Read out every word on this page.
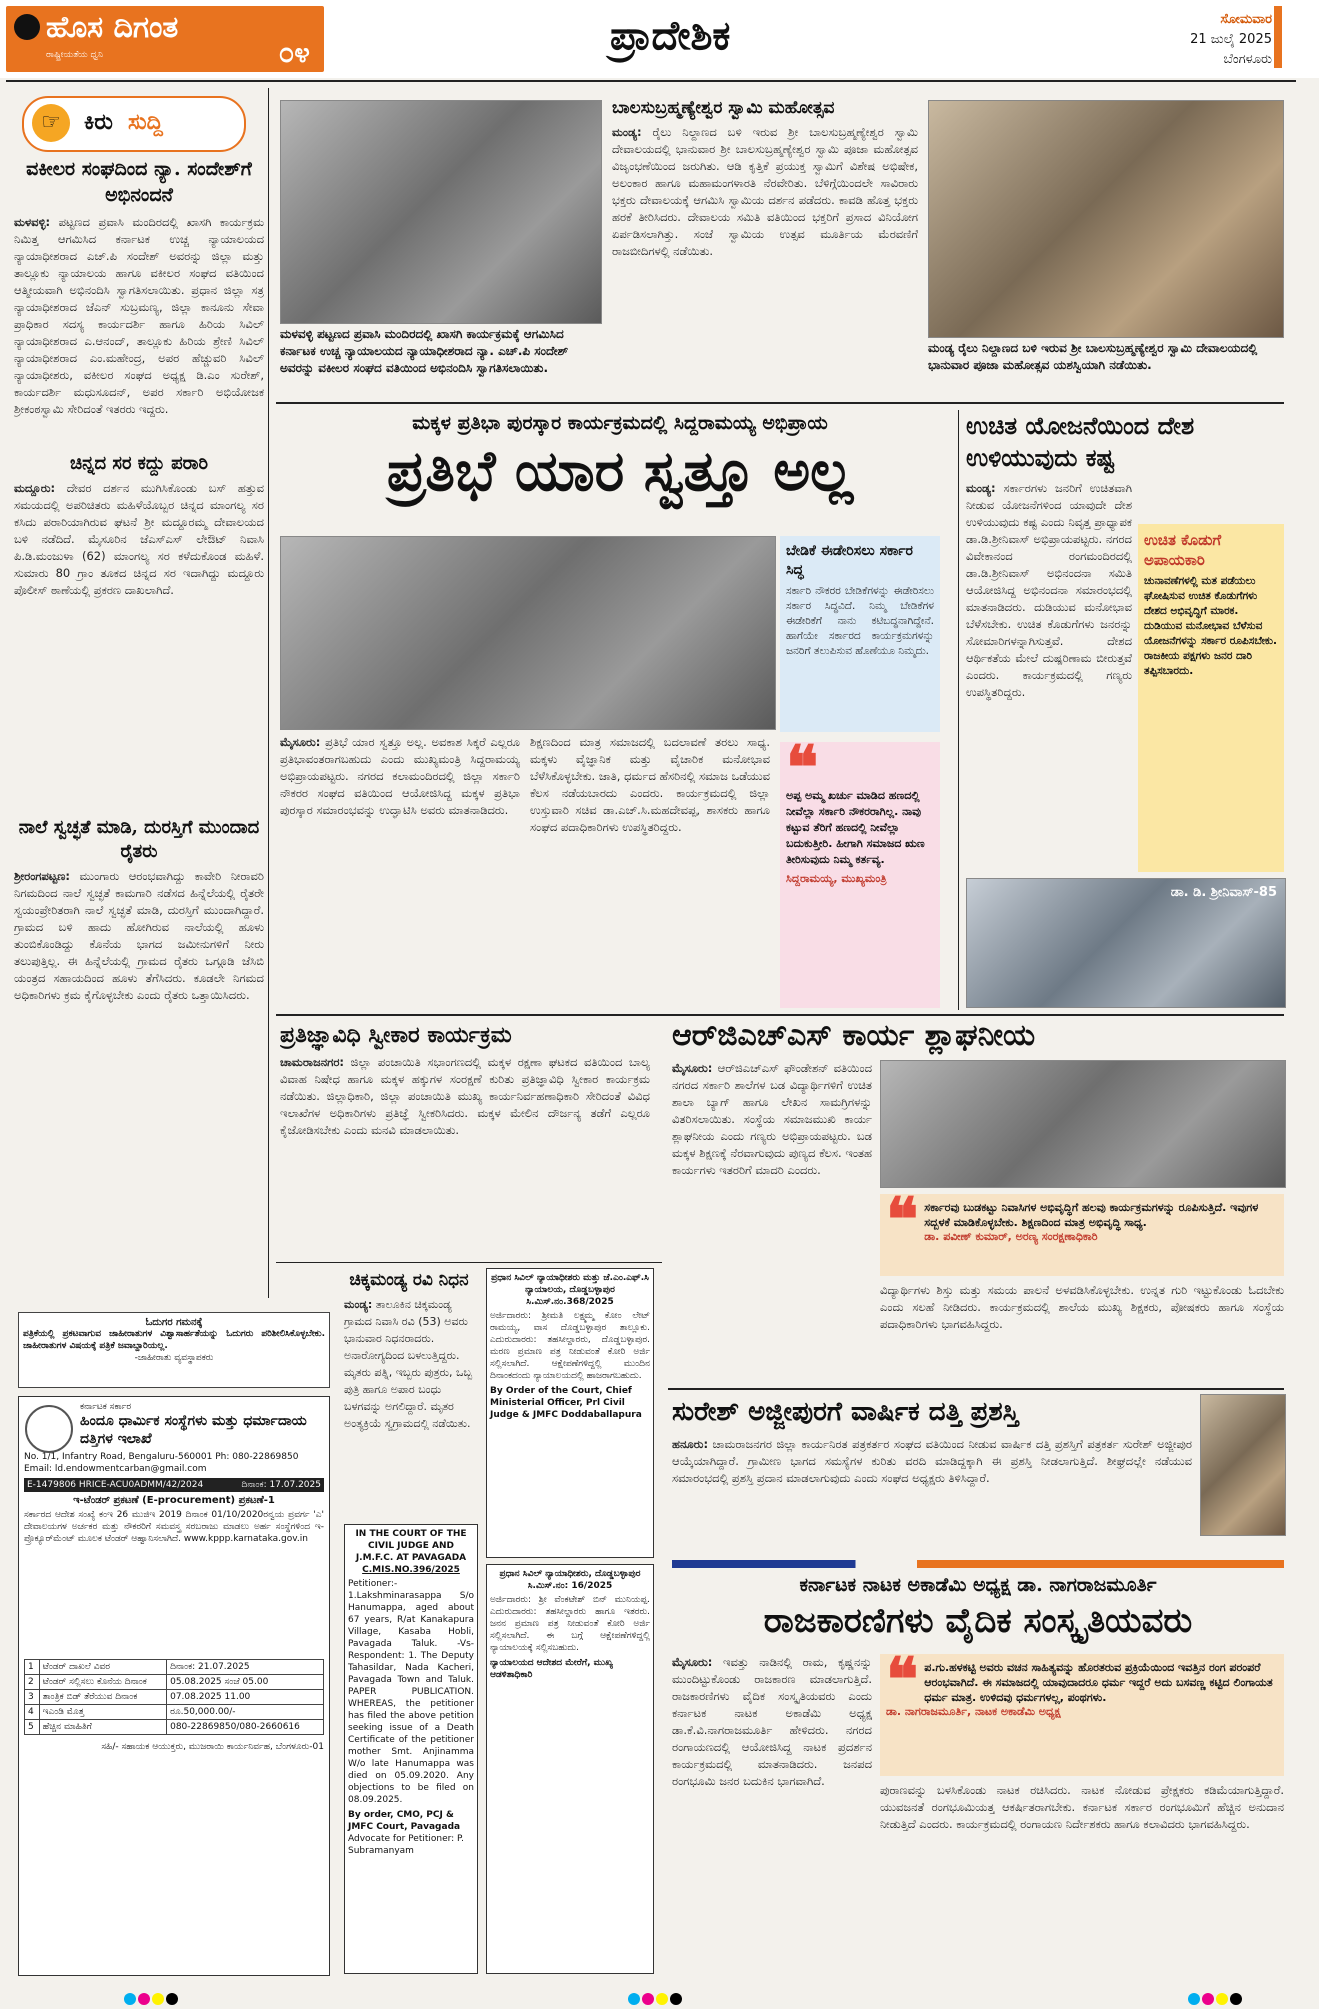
ಹೊಸ ದಿಗಂತ
ರಾಷ್ಟ್ರೀಯತೆಯ ಧ್ವನಿ	೦೪	ಪ್ರಾದೇಶಿಕ	ಸೋಮವಾರ
21 ಜುಲೈ 2025
ಬೆಂಗಳೂರು
☞	ಕಿರು ಸುದ್ದಿ
ವಕೀಲರ ಸಂಘದಿಂದ ನ್ಯಾ. ಸಂದೇಶ್‌ಗೆ ಅಭಿನಂದನೆ
ಮಳವಳ್ಳಿ: ಪಟ್ಟಣದ ಪ್ರವಾಸಿ ಮಂದಿರದಲ್ಲಿ ಖಾಸಗಿ ಕಾರ್ಯಕ್ರಮ ನಿಮಿತ್ತ ಆಗಮಿಸಿದ ಕರ್ನಾಟಕ ಉಚ್ಚ ನ್ಯಾಯಾಲಯದ ನ್ಯಾಯಾಧೀಶರಾದ ಎಚ್.ಪಿ ಸಂದೇಶ್ ಅವರನ್ನು ಜಿಲ್ಲಾ ಮತ್ತು ತಾಲ್ಲೂಕು ನ್ಯಾಯಾಲಯ ಹಾಗೂ ವಕೀಲರ ಸಂಘದ ವತಿಯಿಂದ ಆತ್ಮೀಯವಾಗಿ ಅಭಿನಂದಿಸಿ ಸ್ವಾಗತಿಸಲಾಯಿತು. ಪ್ರಧಾನ ಜಿಲ್ಲಾ ಸತ್ರ ನ್ಯಾಯಾಧೀಶರಾದ ಜೆಎನ್ ಸುಬ್ರಮಣ್ಯ, ಜಿಲ್ಲಾ ಕಾನೂನು ಸೇವಾ ಪ್ರಾಧಿಕಾರ ಸದಸ್ಯ ಕಾರ್ಯದರ್ಶಿ ಹಾಗೂ ಹಿರಿಯ ಸಿವಿಲ್ ನ್ಯಾಯಾಧೀಶರಾದ ಎ.ಆನಂದ್, ತಾಲ್ಲೂಕು ಹಿರಿಯ ಶ್ರೇಣಿ ಸಿವಿಲ್ ನ್ಯಾಯಾಧೀಶರಾದ ಎಂ.ಮಹೇಂದ್ರ, ಅಪರ ಹೆಚ್ಚುವರಿ ಸಿವಿಲ್ ನ್ಯಾಯಾಧೀಶರು, ವಕೀಲರ ಸಂಘದ ಅಧ್ಯಕ್ಷ ಡಿ.ಎಂ ಸುರೇಶ್, ಕಾರ್ಯದರ್ಶಿ ಮಧುಸೂದನ್, ಅಪರ ಸರ್ಕಾರಿ ಅಭಿಯೋಜಕ ಶ್ರೀಕಂಠಸ್ವಾಮಿ ಸೇರಿದಂತೆ ಇತರರು ಇದ್ದರು.
ಚಿನ್ನದ ಸರ ಕದ್ದು ಪರಾರಿ
ಮದ್ದೂರು: ದೇವರ ದರ್ಶನ ಮುಗಿಸಿಕೊಂಡು ಬಸ್ ಹತ್ತುವ ಸಮಯದಲ್ಲಿ ಅಪರಿಚಿತರು ಮಹಿಳೆಯೊಬ್ಬರ ಚಿನ್ನದ ಮಾಂಗಲ್ಯ ಸರ ಕಸಿದು ಪರಾರಿಯಾಗಿರುವ ಘಟನೆ ಶ್ರೀ ಮದ್ದೂರಮ್ಮ ದೇವಾಲಯದ ಬಳಿ ನಡೆದಿದೆ. ಮೈಸೂರಿನ ಜೆಎಸ್‌ಎಸ್ ಲೇಔಟ್ ನಿವಾಸಿ ಪಿ.ಡಿ.ಮಂಜುಳಾ (62) ಮಾಂಗಲ್ಯ ಸರ ಕಳೆದುಕೊಂಡ ಮಹಿಳೆ. ಸುಮಾರು 80 ಗ್ರಾಂ ತೂಕದ ಚಿನ್ನದ ಸರ ಇದಾಗಿದ್ದು ಮದ್ದೂರು ಪೊಲೀಸ್ ಠಾಣೆಯಲ್ಲಿ ಪ್ರಕರಣ ದಾಖಲಾಗಿದೆ.
ನಾಲೆ ಸ್ವಚ್ಛತೆ ಮಾಡಿ, ದುರಸ್ತಿಗೆ ಮುಂದಾದ ರೈತರು
ಶ್ರೀರಂಗಪಟ್ಟಣ: ಮುಂಗಾರು ಆರಂಭವಾಗಿದ್ದು ಕಾವೇರಿ ನೀರಾವರಿ ನಿಗಮದಿಂದ ನಾಲೆ ಸ್ವಚ್ಛತೆ ಕಾಮಗಾರಿ ನಡೆಸದ ಹಿನ್ನೆಲೆಯಲ್ಲಿ ರೈತರೇ ಸ್ವಯಂಪ್ರೇರಿತರಾಗಿ ನಾಲೆ ಸ್ವಚ್ಛತೆ ಮಾಡಿ, ದುರಸ್ತಿಗೆ ಮುಂದಾಗಿದ್ದಾರೆ. ಗ್ರಾಮದ ಬಳಿ ಹಾದು ಹೋಗಿರುವ ನಾಲೆಯಲ್ಲಿ ಹೂಳು ತುಂಬಿಕೊಂಡಿದ್ದು ಕೊನೆಯ ಭಾಗದ ಜಮೀನುಗಳಿಗೆ ನೀರು ತಲುಪುತ್ತಿಲ್ಲ. ಈ ಹಿನ್ನೆಲೆಯಲ್ಲಿ ಗ್ರಾಮದ ರೈತರು ಒಗ್ಗೂಡಿ ಜೆಸಿಬಿ ಯಂತ್ರದ ಸಹಾಯದಿಂದ ಹೂಳು ತೆಗೆಸಿದರು. ಕೂಡಲೇ ನಿಗಮದ ಅಧಿಕಾರಿಗಳು ಕ್ರಮ ಕೈಗೊಳ್ಳಬೇಕು ಎಂದು ರೈತರು ಒತ್ತಾಯಿಸಿದರು.
ಓದುಗರ ಗಮನಕ್ಕೆ
ಪತ್ರಿಕೆಯಲ್ಲಿ ಪ್ರಕಟವಾಗುವ ಜಾಹೀರಾತುಗಳ ವಿಶ್ವಾಸಾರ್ಹತೆಯನ್ನು ಓದುಗರು ಪರಿಶೀಲಿಸಿಕೊಳ್ಳಬೇಕು. ಜಾಹೀರಾತುಗಳ ವಿಷಯಕ್ಕೆ ಪತ್ರಿಕೆ ಜವಾಬ್ದಾರಿಯಲ್ಲ.
-ಜಾಹೀರಾತು ವ್ಯವಸ್ಥಾಪಕರು
ಕರ್ನಾಟಕ ಸರ್ಕಾರ
ಹಿಂದೂ ಧಾರ್ಮಿಕ ಸಂಸ್ಥೆಗಳು ಮತ್ತು ಧರ್ಮಾದಾಯ ದತ್ತಿಗಳ ಇಲಾಖೆ
No. 1/1, Infantry Road, Bengaluru-560001 Ph: 080-22869850 Email: ld.endowmentcarban@gmail.com
E-1479806 HRICE-ACU0ADMM/42/2024	ದಿನಾಂಕ: 17.07.2025
ಇ-ಟೆಂಡರ್ ಪ್ರಕಟಣೆ (E-procurement) ಪ್ರಕಟಣೆ-1
ಸರ್ಕಾರದ ಆದೇಶ ಸಂಖ್ಯೆ ಕಂಇ 26 ಮುಜಿಇ 2019 ದಿನಾಂಕ 01/10/2020ರನ್ವಯ ಪ್ರವರ್ಗ 'ಎ' ದೇವಾಲಯಗಳ ಅರ್ಚಕರ ಮತ್ತು ನೌಕರರಿಗೆ ಸಮವಸ್ತ್ರ ಸರಬರಾಜು ಮಾಡಲು ಅರ್ಹ ಸಂಸ್ಥೆಗಳಿಂದ ಇ-ಪ್ರೊಕ್ಯೂರ್‌ಮೆಂಟ್ ಮೂಲಕ ಟೆಂಡರ್ ಆಹ್ವಾನಿಸಲಾಗಿದೆ. www.kppp.karnataka.gov.in
1	ಟೆಂಡರ್ ದಾಖಲೆ ವಿವರ	ದಿನಾಂಕ: 21.07.2025
2	ಟೆಂಡರ್ ಸಲ್ಲಿಸಲು ಕೊನೆಯ ದಿನಾಂಕ	05.08.2025 ಸಂಜೆ 05.00
3	ತಾಂತ್ರಿಕ ಬಿಡ್ ತೆರೆಯುವ ದಿನಾಂಕ	07.08.2025 11.00
4	ಇಎಂಡಿ ಮೊತ್ತ	ರೂ.50,000.00/-
5	ಹೆಚ್ಚಿನ ಮಾಹಿತಿಗೆ	080-22869850/080-2660616
ಸಹಿ/- ಸಹಾಯಕ ಆಯುಕ್ತರು, ಮುಜರಾಯಿ ಕಾರ್ಯನಿರ್ವಹ, ಬೆಂಗಳೂರು-01
ಮಳವಳ್ಳಿ ಪಟ್ಟಣದ ಪ್ರವಾಸಿ ಮಂದಿರದಲ್ಲಿ ಖಾಸಗಿ ಕಾರ್ಯಕ್ರಮಕ್ಕೆ ಆಗಮಿಸಿದ ಕರ್ನಾಟಕ ಉಚ್ಚ ನ್ಯಾಯಾಲಯದ ನ್ಯಾಯಾಧೀಶರಾದ ನ್ಯಾ. ಎಚ್.ಪಿ ಸಂದೇಶ್ ಅವರನ್ನು ವಕೀಲರ ಸಂಘದ ವತಿಯಿಂದ ಅಭಿನಂದಿಸಿ ಸ್ವಾಗತಿಸಲಾಯಿತು.
ಬಾಲಸುಬ್ರಹ್ಮಣ್ಯೇಶ್ವರ ಸ್ವಾಮಿ ಮಹೋತ್ಸವ
ಮಂಡ್ಯ: ರೈಲು ನಿಲ್ದಾಣದ ಬಳಿ ಇರುವ ಶ್ರೀ ಬಾಲಸುಬ್ರಹ್ಮಣ್ಯೇಶ್ವರ ಸ್ವಾಮಿ ದೇವಾಲಯದಲ್ಲಿ ಭಾನುವಾರ ಶ್ರೀ ಬಾಲಸುಬ್ರಹ್ಮಣ್ಯೇಶ್ವರ ಸ್ವಾಮಿ ಪೂಜಾ ಮಹೋತ್ಸವ ವಿಜೃಂಭಣೆಯಿಂದ ಜರುಗಿತು. ಆಡಿ ಕೃತ್ತಿಕೆ ಪ್ರಯುಕ್ತ ಸ್ವಾಮಿಗೆ ವಿಶೇಷ ಅಭಿಷೇಕ, ಅಲಂಕಾರ ಹಾಗೂ ಮಹಾಮಂಗಳಾರತಿ ನೆರವೇರಿತು. ಬೆಳಿಗ್ಗೆಯಿಂದಲೇ ಸಾವಿರಾರು ಭಕ್ತರು ದೇವಾಲಯಕ್ಕೆ ಆಗಮಿಸಿ ಸ್ವಾಮಿಯ ದರ್ಶನ ಪಡೆದರು. ಕಾವಡಿ ಹೊತ್ತ ಭಕ್ತರು ಹರಕೆ ತೀರಿಸಿದರು. ದೇವಾಲಯ ಸಮಿತಿ ವತಿಯಿಂದ ಭಕ್ತರಿಗೆ ಪ್ರಸಾದ ವಿನಿಯೋಗ ಏರ್ಪಡಿಸಲಾಗಿತ್ತು. ಸಂಜೆ ಸ್ವಾಮಿಯ ಉತ್ಸವ ಮೂರ್ತಿಯ ಮೆರವಣಿಗೆ ರಾಜಬೀದಿಗಳಲ್ಲಿ ನಡೆಯಿತು.
ಮಂಡ್ಯ ರೈಲು ನಿಲ್ದಾಣದ ಬಳಿ ಇರುವ ಶ್ರೀ ಬಾಲಸುಬ್ರಹ್ಮಣ್ಯೇಶ್ವರ ಸ್ವಾಮಿ ದೇವಾಲಯದಲ್ಲಿ ಭಾನುವಾರ ಪೂಜಾ ಮಹೋತ್ಸವ ಯಶಸ್ವಿಯಾಗಿ ನಡೆಯಿತು.
ಮಕ್ಕಳ ಪ್ರತಿಭಾ ಪುರಸ್ಕಾರ ಕಾರ್ಯಕ್ರಮದಲ್ಲಿ ಸಿದ್ದರಾಮಯ್ಯ ಅಭಿಪ್ರಾಯ
ಪ್ರತಿಭೆ ಯಾರ ಸ್ವತ್ತೂ ಅಲ್ಲ
ಬೇಡಿಕೆ ಈಡೇರಿಸಲು ಸರ್ಕಾರ ಸಿದ್ಧ
ಸರ್ಕಾರಿ ನೌಕರರ ಬೇಡಿಕೆಗಳನ್ನು ಈಡೇರಿಸಲು ಸರ್ಕಾರ ಸಿದ್ಧವಿದೆ. ನಿಮ್ಮ ಬೇಡಿಕೆಗಳ ಈಡೇರಿಕೆಗೆ ನಾನು ಕಟಿಬದ್ಧನಾಗಿದ್ದೇನೆ. ಹಾಗೆಯೇ ಸರ್ಕಾರದ ಕಾರ್ಯಕ್ರಮಗಳನ್ನು ಜನರಿಗೆ ತಲುಪಿಸುವ ಹೊಣೆಯೂ ನಿಮ್ಮದು.
ಮೈಸೂರು: ಪ್ರತಿಭೆ ಯಾರ ಸ್ವತ್ತೂ ಅಲ್ಲ. ಅವಕಾಶ ಸಿಕ್ಕರೆ ಎಲ್ಲರೂ ಪ್ರತಿಭಾವಂತರಾಗಬಹುದು ಎಂದು ಮುಖ್ಯಮಂತ್ರಿ ಸಿದ್ದರಾಮಯ್ಯ ಅಭಿಪ್ರಾಯಪಟ್ಟರು. ನಗರದ ಕಲಾಮಂದಿರದಲ್ಲಿ ಜಿಲ್ಲಾ ಸರ್ಕಾರಿ ನೌಕರರ ಸಂಘದ ವತಿಯಿಂದ ಆಯೋಜಿಸಿದ್ದ ಮಕ್ಕಳ ಪ್ರತಿಭಾ ಪುರಸ್ಕಾರ ಸಮಾರಂಭವನ್ನು ಉದ್ಘಾಟಿಸಿ ಅವರು ಮಾತನಾಡಿದರು.
ಶಿಕ್ಷಣದಿಂದ ಮಾತ್ರ ಸಮಾಜದಲ್ಲಿ ಬದಲಾವಣೆ ತರಲು ಸಾಧ್ಯ. ಮಕ್ಕಳು ವೈಜ್ಞಾನಿಕ ಮತ್ತು ವೈಚಾರಿಕ ಮನೋಭಾವ ಬೆಳೆಸಿಕೊಳ್ಳಬೇಕು. ಜಾತಿ, ಧರ್ಮದ ಹೆಸರಿನಲ್ಲಿ ಸಮಾಜ ಒಡೆಯುವ ಕೆಲಸ ನಡೆಯಬಾರದು ಎಂದರು. ಕಾರ್ಯಕ್ರಮದಲ್ಲಿ ಜಿಲ್ಲಾ ಉಸ್ತುವಾರಿ ಸಚಿವ ಡಾ.ಎಚ್.ಸಿ.ಮಹದೇವಪ್ಪ, ಶಾಸಕರು ಹಾಗೂ ಸಂಘದ ಪದಾಧಿಕಾರಿಗಳು ಉಪಸ್ಥಿತರಿದ್ದರು.
❝
ಅಪ್ಪ ಅಮ್ಮ ಖರ್ಚು ಮಾಡಿದ ಹಣದಲ್ಲಿ ನೀವೆಲ್ಲಾ ಸರ್ಕಾರಿ ನೌಕರರಾಗಿಲ್ಲ. ನಾವು ಕಟ್ಟುವ ತೆರಿಗೆ ಹಣದಲ್ಲಿ ನೀವೆಲ್ಲಾ ಬದುಕುತ್ತೀರಿ. ಹೀಗಾಗಿ ಸಮಾಜದ ಋಣ ತೀರಿಸುವುದು ನಿಮ್ಮ ಕರ್ತವ್ಯ.
ಸಿದ್ದರಾಮಯ್ಯ, ಮುಖ್ಯಮಂತ್ರಿ
ಉಚಿತ ಯೋಜನೆಯಿಂದ ದೇಶ ಉಳಿಯುವುದು ಕಷ್ಟ
ಮಂಡ್ಯ: ಸರ್ಕಾರಗಳು ಜನರಿಗೆ ಉಚಿತವಾಗಿ ನೀಡುವ ಯೋಜನೆಗಳಿಂದ ಯಾವುದೇ ದೇಶ ಉಳಿಯುವುದು ಕಷ್ಟ ಎಂದು ನಿವೃತ್ತ ಪ್ರಾಧ್ಯಾಪಕ ಡಾ.ಡಿ.ಶ್ರೀನಿವಾಸ್ ಅಭಿಪ್ರಾಯಪಟ್ಟರು. ನಗರದ ವಿವೇಕಾನಂದ ರಂಗಮಂದಿರದಲ್ಲಿ ಡಾ.ಡಿ.ಶ್ರೀನಿವಾಸ್ ಅಭಿನಂದನಾ ಸಮಿತಿ ಆಯೋಜಿಸಿದ್ದ ಅಭಿನಂದನಾ ಸಮಾರಂಭದಲ್ಲಿ ಮಾತನಾಡಿದರು. ದುಡಿಯುವ ಮನೋಭಾವ ಬೆಳೆಸಬೇಕು. ಉಚಿತ ಕೊಡುಗೆಗಳು ಜನರನ್ನು ಸೋಮಾರಿಗಳನ್ನಾಗಿಸುತ್ತವೆ. ದೇಶದ ಆರ್ಥಿಕತೆಯ ಮೇಲೆ ದುಷ್ಪರಿಣಾಮ ಬೀರುತ್ತವೆ ಎಂದರು. ಕಾರ್ಯಕ್ರಮದಲ್ಲಿ ಗಣ್ಯರು ಉಪಸ್ಥಿತರಿದ್ದರು.
ಉಚಿತ ಕೊಡುಗೆ ಅಪಾಯಕಾರಿ
ಚುನಾವಣೆಗಳಲ್ಲಿ ಮತ ಪಡೆಯಲು ಘೋಷಿಸುವ ಉಚಿತ ಕೊಡುಗೆಗಳು ದೇಶದ ಅಭಿವೃದ್ಧಿಗೆ ಮಾರಕ. ದುಡಿಯುವ ಮನೋಭಾವ ಬೆಳೆಸುವ ಯೋಜನೆಗಳನ್ನು ಸರ್ಕಾರ ರೂಪಿಸಬೇಕು. ರಾಜಕೀಯ ಪಕ್ಷಗಳು ಜನರ ದಾರಿ ತಪ್ಪಿಸಬಾರದು.
ಡಾ. ಡಿ. ಶ್ರೀನಿವಾಸ್-85
ಪ್ರತಿಜ್ಞಾವಿಧಿ ಸ್ವೀಕಾರ ಕಾರ್ಯಕ್ರಮ
ಚಾಮರಾಜನಗರ: ಜಿಲ್ಲಾ ಪಂಚಾಯಿತಿ ಸಭಾಂಗಣದಲ್ಲಿ ಮಕ್ಕಳ ರಕ್ಷಣಾ ಘಟಕದ ವತಿಯಿಂದ ಬಾಲ್ಯ ವಿವಾಹ ನಿಷೇಧ ಹಾಗೂ ಮಕ್ಕಳ ಹಕ್ಕುಗಳ ಸಂರಕ್ಷಣೆ ಕುರಿತು ಪ್ರತಿಜ್ಞಾವಿಧಿ ಸ್ವೀಕಾರ ಕಾರ್ಯಕ್ರಮ ನಡೆಯಿತು. ಜಿಲ್ಲಾಧಿಕಾರಿ, ಜಿಲ್ಲಾ ಪಂಚಾಯಿತಿ ಮುಖ್ಯ ಕಾರ್ಯನಿರ್ವಹಣಾಧಿಕಾರಿ ಸೇರಿದಂತೆ ವಿವಿಧ ಇಲಾಖೆಗಳ ಅಧಿಕಾರಿಗಳು ಪ್ರತಿಜ್ಞೆ ಸ್ವೀಕರಿಸಿದರು. ಮಕ್ಕಳ ಮೇಲಿನ ದೌರ್ಜನ್ಯ ತಡೆಗೆ ಎಲ್ಲರೂ ಕೈಜೋಡಿಸಬೇಕು ಎಂದು ಮನವಿ ಮಾಡಲಾಯಿತು.
ಆರ್‌ಜಿಎಚ್‌ಎಸ್ ಕಾರ್ಯ ಶ್ಲಾಘನೀಯ
ಮೈಸೂರು: ಆರ್‌ಜಿಎಚ್‌ಎಸ್ ಫೌಂಡೇಶನ್ ವತಿಯಿಂದ ನಗರದ ಸರ್ಕಾರಿ ಶಾಲೆಗಳ ಬಡ ವಿದ್ಯಾರ್ಥಿಗಳಿಗೆ ಉಚಿತ ಶಾಲಾ ಬ್ಯಾಗ್ ಹಾಗೂ ಲೇಖನ ಸಾಮಗ್ರಿಗಳನ್ನು ವಿತರಿಸಲಾಯಿತು. ಸಂಸ್ಥೆಯ ಸಮಾಜಮುಖಿ ಕಾರ್ಯ ಶ್ಲಾಘನೀಯ ಎಂದು ಗಣ್ಯರು ಅಭಿಪ್ರಾಯಪಟ್ಟರು. ಬಡ ಮಕ್ಕಳ ಶಿಕ್ಷಣಕ್ಕೆ ನೆರವಾಗುವುದು ಪುಣ್ಯದ ಕೆಲಸ. ಇಂತಹ ಕಾರ್ಯಗಳು ಇತರರಿಗೆ ಮಾದರಿ ಎಂದರು.
❝ ಸರ್ಕಾರವು ಬುಡಕಟ್ಟು ನಿವಾಸಿಗಳ ಅಭಿವೃದ್ಧಿಗೆ ಹಲವು ಕಾರ್ಯಕ್ರಮಗಳನ್ನು ರೂಪಿಸುತ್ತಿದೆ. ಇವುಗಳ ಸದ್ಬಳಕೆ ಮಾಡಿಕೊಳ್ಳಬೇಕು. ಶಿಕ್ಷಣದಿಂದ ಮಾತ್ರ ಅಭಿವೃದ್ಧಿ ಸಾಧ್ಯ.
ಡಾ. ಪವೀಣ್ ಕುಮಾರ್, ಅರಣ್ಯ ಸಂರಕ್ಷಣಾಧಿಕಾರಿ
ವಿದ್ಯಾರ್ಥಿಗಳು ಶಿಸ್ತು ಮತ್ತು ಸಮಯ ಪಾಲನೆ ಅಳವಡಿಸಿಕೊಳ್ಳಬೇಕು. ಉನ್ನತ ಗುರಿ ಇಟ್ಟುಕೊಂಡು ಓದಬೇಕು ಎಂದು ಸಲಹೆ ನೀಡಿದರು. ಕಾರ್ಯಕ್ರಮದಲ್ಲಿ ಶಾಲೆಯ ಮುಖ್ಯ ಶಿಕ್ಷಕರು, ಪೋಷಕರು ಹಾಗೂ ಸಂಸ್ಥೆಯ ಪದಾಧಿಕಾರಿಗಳು ಭಾಗವಹಿಸಿದ್ದರು.
ಚಿಕ್ಕಮಂಡ್ಯ ರವಿ ನಿಧನ
ಮಂಡ್ಯ: ತಾಲೂಕಿನ ಚಿಕ್ಕಮಂಡ್ಯ ಗ್ರಾಮದ ನಿವಾಸಿ ರವಿ (53) ಅವರು ಭಾನುವಾರ ನಿಧನರಾದರು. ಅನಾರೋಗ್ಯದಿಂದ ಬಳಲುತ್ತಿದ್ದರು. ಮೃತರು ಪತ್ನಿ, ಇಬ್ಬರು ಪುತ್ರರು, ಒಬ್ಬ ಪುತ್ರಿ ಹಾಗೂ ಅಪಾರ ಬಂಧು ಬಳಗವನ್ನು ಅಗಲಿದ್ದಾರೆ. ಮೃತರ ಅಂತ್ಯಕ್ರಿಯೆ ಸ್ವಗ್ರಾಮದಲ್ಲಿ ನಡೆಯಿತು.
IN THE COURT OF THE CIVIL JUDGE AND J.M.F.C. AT PAVAGADA
C.MIS.NO.396/2025
Petitioner:- 1.Lakshminarasappa S/o Hanumappa, aged about 67 years, R/at Kanakapura Village, Kasaba Hobli, Pavagada Taluk. -Vs- Respondent: 1. The Deputy Tahasildar, Nada Kacheri, Pavagada Town and Taluk. PAPER PUBLICATION. WHEREAS, the petitioner has filed the above petition seeking issue of a Death Certificate of the petitioner mother Smt. Anjinamma W/o late Hanumappa was died on 05.09.2020. Any objections to be filed on 08.09.2025.
By order, CMO, PCJ & JMFC Court, Pavagada
Advocate for Petitioner: P. Subramanyam
ಪ್ರಧಾನ ಸಿವಿಲ್ ನ್ಯಾಯಾಧೀಶರು ಮತ್ತು ಜೆ.ಎಂ.ಎಫ್.ಸಿ ನ್ಯಾಯಾಲಯ, ದೊಡ್ಡಬಳ್ಳಾಪುರ
ಸಿ.ಮಿಸ್.ನಂ.368/2025
ಅರ್ಜಿದಾರರು: ಶ್ರೀಮತಿ ಲಕ್ಷ್ಮಮ್ಮ ಕೋಂ ಲೇಟ್ ರಾಮಯ್ಯ, ವಾಸ ದೊಡ್ಡಬಳ್ಳಾಪುರ ತಾಲ್ಲೂಕು. ಎದುರುದಾರರು: ತಹಸೀಲ್ದಾರರು, ದೊಡ್ಡಬಳ್ಳಾಪುರ. ಮರಣ ಪ್ರಮಾಣ ಪತ್ರ ನೀಡುವಂತೆ ಕೋರಿ ಅರ್ಜಿ ಸಲ್ಲಿಸಲಾಗಿದೆ. ಆಕ್ಷೇಪಣೆಗಳಿದ್ದಲ್ಲಿ ಮುಂದಿನ ದಿನಾಂಕದಂದು ನ್ಯಾಯಾಲಯದಲ್ಲಿ ಹಾಜರಾಗಬಹುದು.
By Order of the Court, Chief Ministerial Officer, Prl Civil Judge & JMFC Doddaballapura
ಪ್ರಧಾನ ಸಿವಿಲ್ ನ್ಯಾಯಾಧೀಶರು, ದೊಡ್ಡಬಳ್ಳಾಪುರ
ಸಿ.ಮಿಸ್.ನಂ: 16/2025
ಅರ್ಜಿದಾರರು: ಶ್ರೀ ವೆಂಕಟೇಶ್ ಬಿನ್ ಮುನಿಯಪ್ಪ. ಎದುರುದಾರರು: ತಹಸೀಲ್ದಾರರು ಹಾಗೂ ಇತರರು. ಜನನ ಪ್ರಮಾಣ ಪತ್ರ ನೀಡುವಂತೆ ಕೋರಿ ಅರ್ಜಿ ಸಲ್ಲಿಸಲಾಗಿದೆ. ಈ ಬಗ್ಗೆ ಆಕ್ಷೇಪಣೆಗಳಿದ್ದಲ್ಲಿ ನ್ಯಾಯಾಲಯಕ್ಕೆ ಸಲ್ಲಿಸಬಹುದು.
ನ್ಯಾಯಾಲಯದ ಆದೇಶದ ಮೇರೆಗೆ, ಮುಖ್ಯ ಆಡಳಿತಾಧಿಕಾರಿ
ಸುರೇಶ್ ಅಜ್ಜೀಪುರಗೆ ವಾರ್ಷಿಕ ದತ್ತಿ ಪ್ರಶಸ್ತಿ
ಹನೂರು: ಚಾಮರಾಜನಗರ ಜಿಲ್ಲಾ ಕಾರ್ಯನಿರತ ಪತ್ರಕರ್ತರ ಸಂಘದ ವತಿಯಿಂದ ನೀಡುವ ವಾರ್ಷಿಕ ದತ್ತಿ ಪ್ರಶಸ್ತಿಗೆ ಪತ್ರಕರ್ತ ಸುರೇಶ್ ಅಜ್ಜೀಪುರ ಆಯ್ಕೆಯಾಗಿದ್ದಾರೆ. ಗ್ರಾಮೀಣ ಭಾಗದ ಸಮಸ್ಯೆಗಳ ಕುರಿತು ವರದಿ ಮಾಡಿದ್ದಕ್ಕಾಗಿ ಈ ಪ್ರಶಸ್ತಿ ನೀಡಲಾಗುತ್ತಿದೆ. ಶೀಘ್ರದಲ್ಲೇ ನಡೆಯುವ ಸಮಾರಂಭದಲ್ಲಿ ಪ್ರಶಸ್ತಿ ಪ್ರದಾನ ಮಾಡಲಾಗುವುದು ಎಂದು ಸಂಘದ ಅಧ್ಯಕ್ಷರು ತಿಳಿಸಿದ್ದಾರೆ.
ಕರ್ನಾಟಕ ನಾಟಕ ಅಕಾಡೆಮಿ ಅಧ್ಯಕ್ಷ ಡಾ. ನಾಗರಾಜಮೂರ್ತಿ
ರಾಜಕಾರಣಿಗಳು ವೈದಿಕ ಸಂಸ್ಕೃತಿಯವರು
ಮೈಸೂರು: ಇವತ್ತು ನಾಡಿನಲ್ಲಿ ರಾಮ, ಕೃಷ್ಣನನ್ನು ಮುಂದಿಟ್ಟುಕೊಂಡು ರಾಜಕಾರಣ ಮಾಡಲಾಗುತ್ತಿದೆ. ರಾಜಕಾರಣಿಗಳು ವೈದಿಕ ಸಂಸ್ಕೃತಿಯವರು ಎಂದು ಕರ್ನಾಟಕ ನಾಟಕ ಅಕಾಡೆಮಿ ಅಧ್ಯಕ್ಷ ಡಾ.ಕೆ.ವಿ.ನಾಗರಾಜಮೂರ್ತಿ ಹೇಳಿದರು. ನಗರದ ರಂಗಾಯಣದಲ್ಲಿ ಆಯೋಜಿಸಿದ್ದ ನಾಟಕ ಪ್ರದರ್ಶನ ಕಾರ್ಯಕ್ರಮದಲ್ಲಿ ಮಾತನಾಡಿದರು. ಜನಪದ ರಂಗಭೂಮಿ ಜನರ ಬದುಕಿನ ಭಾಗವಾಗಿದೆ.
❝ ಪ.ಗು.ಹಳಕಟ್ಟಿ ಅವರು ವಚನ ಸಾಹಿತ್ಯವನ್ನು ಹೊರತರುವ ಪ್ರಕ್ರಿಯೆಯಿಂದ ಇವತ್ತಿನ ರಂಗ ಪರಂಪರೆ ಆರಂಭವಾಗಿದೆ. ಈ ಸಮಾಜದಲ್ಲಿ ಯಾವುದಾದರೂ ಧರ್ಮ ಇದ್ದರೆ ಅದು ಬಸವಣ್ಣ ಕಟ್ಟಿದ ಲಿಂಗಾಯತ ಧರ್ಮ ಮಾತ್ರ. ಉಳಿದವು ಧರ್ಮಗಳಲ್ಲ, ಪಂಥಗಳು.
ಡಾ. ನಾಗರಾಜಮೂರ್ತಿ, ನಾಟಕ ಅಕಾಡೆಮಿ ಅಧ್ಯಕ್ಷ
ಪುರಾಣವನ್ನು ಬಳಸಿಕೊಂಡು ನಾಟಕ ರಚಿಸಿದರು. ನಾಟಕ ನೋಡುವ ಪ್ರೇಕ್ಷಕರು ಕಡಿಮೆಯಾಗುತ್ತಿದ್ದಾರೆ. ಯುವಜನತೆ ರಂಗಭೂಮಿಯತ್ತ ಆಕರ್ಷಿತರಾಗಬೇಕು. ಕರ್ನಾಟಕ ಸರ್ಕಾರ ರಂಗಭೂಮಿಗೆ ಹೆಚ್ಚಿನ ಅನುದಾನ ನೀಡುತ್ತಿದೆ ಎಂದರು. ಕಾರ್ಯಕ್ರಮದಲ್ಲಿ ರಂಗಾಯಣ ನಿರ್ದೇಶಕರು ಹಾಗೂ ಕಲಾವಿದರು ಭಾಗವಹಿಸಿದ್ದರು.
